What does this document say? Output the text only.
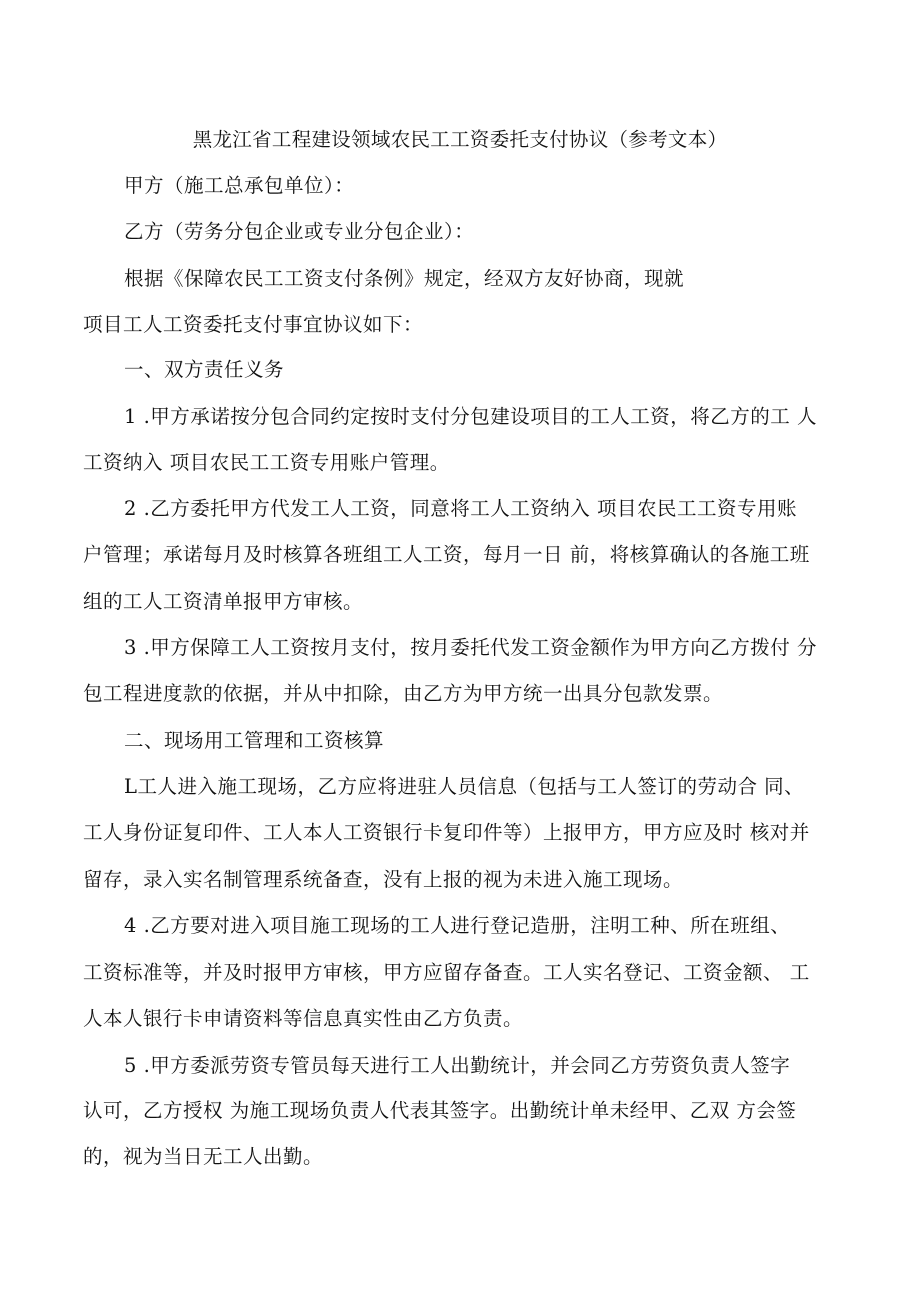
黑龙江省工程建设领域农民工工资委托支付协议（参考文本）
甲方（施工总承包单位）：
乙方（劳务分包企业或专业分包企业）：
根据《保障农民工工资支付条例》规定，经双方友好协商，现就
项目工人工资委托支付事宜协议如下：
一、双方责任义务
1 .甲方承诺按分包合同约定按时支付分包建设项目的工人工资，将乙方的工 人
工资纳入 项目农民工工资专用账户管理。
2 .乙方委托甲方代发工人工资，同意将工人工资纳入 项目农民工工资专用账
户管理；承诺每月及时核算各班组工人工资，每月一日 前，将核算确认的各施工班
组的工人工资清单报甲方审核。
3 .甲方保障工人工资按月支付，按月委托代发工资金额作为甲方向乙方拨付 分
包工程进度款的依据，并从中扣除，由乙方为甲方统一出具分包款发票。
二、现场用工管理和工资核算
L工人进入施工现场，乙方应将进驻人员信息（包括与工人签订的劳动合 同、
工人身份证复印件、工人本人工资银行卡复印件等）上报甲方，甲方应及时 核对并
留存，录入实名制管理系统备查，没有上报的视为未进入施工现场。
4 .乙方要对进入项目施工现场的工人进行登记造册，注明工种、所在班组、
工资标准等，并及时报甲方审核，甲方应留存备查。工人实名登记、工资金额、 工
人本人银行卡申请资料等信息真实性由乙方负责。
5 .甲方委派劳资专管员每天进行工人出勤统计，并会同乙方劳资负责人签字
认可，乙方授权 为施工现场负责人代表其签字。出勤统计单未经甲、乙双 方会签
的，视为当日无工人出勤。
